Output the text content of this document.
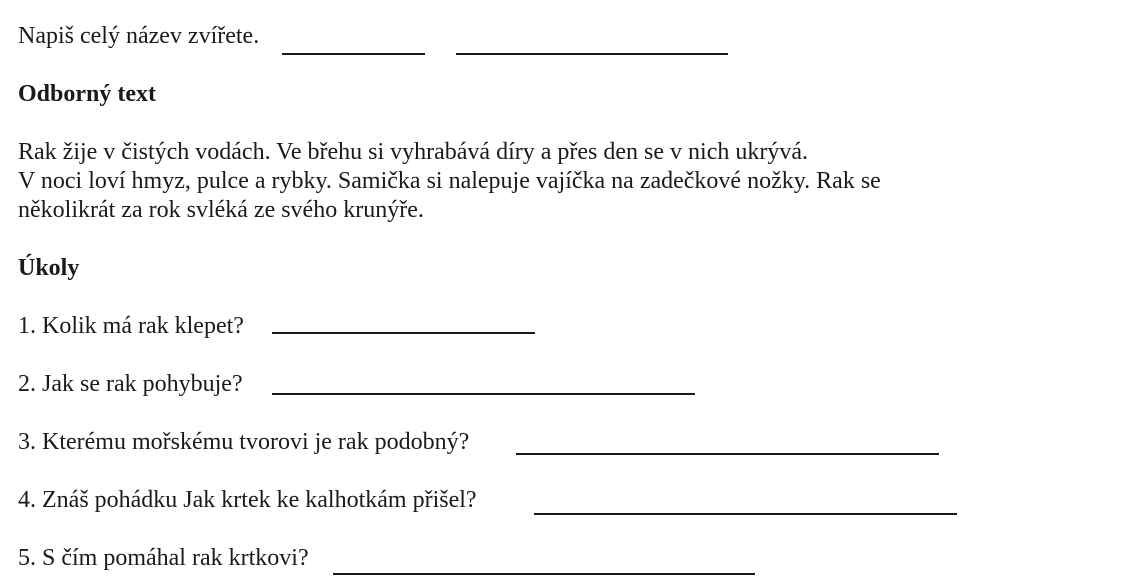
Napiš celý název zvířete.
Odborný text
Rak žije v čistých vodách. Ve břehu si vyhrabává díry a přes den se v nich ukrývá.
V noci loví hmyz, pulce a rybky. Samička si nalepuje vajíčka na zadečkové nožky. Rak se
několikrát za rok svléká ze svého krunýře.
Úkoly
1. Kolik má rak klepet?
2. Jak se rak pohybuje?
3. Kterému mořskému tvorovi je rak podobný?
4. Znáš pohádku Jak krtek ke kalhotkám přišel?
5. S čím pomáhal rak krtkovi?
